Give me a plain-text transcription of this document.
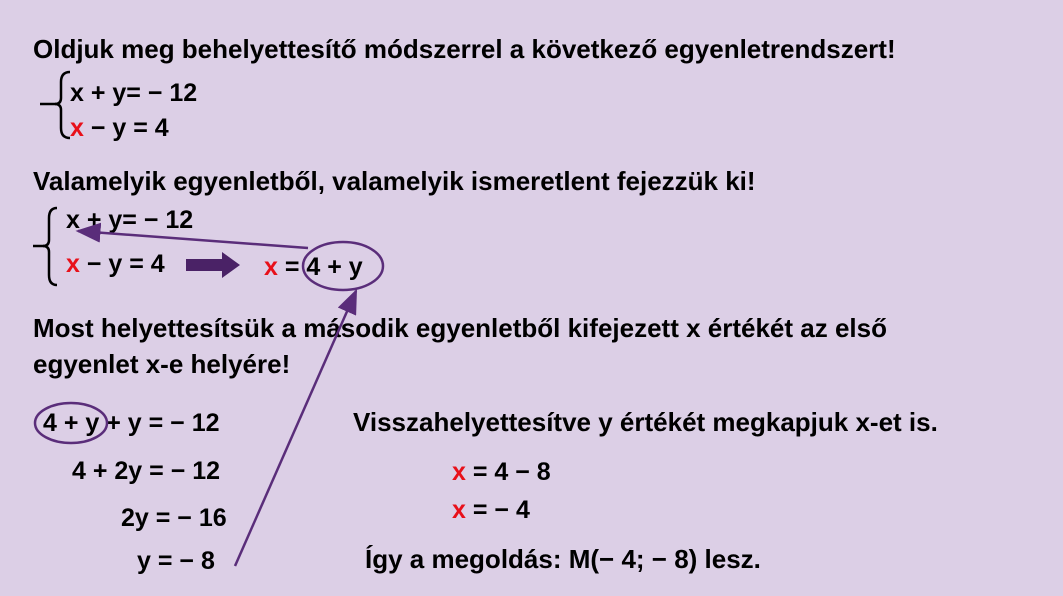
Oldjuk meg behelyettesítő módszerrel a következő egyenletrendszert!
x + y= − 12
x − y = 4
Valamelyik egyenletből, valamelyik ismeretlent fejezzük ki!
x + y= − 12
x − y = 4	x = 4 + y
Most helyettesítsük a második egyenletből kifejezett x értékét az első
egyenlet x-e helyére!
4 + y + y = − 12
4 + 2y = − 12
2y = − 16
y = − 8
Visszahelyettesítve y értékét megkapjuk x-et is.
x = 4 − 8
x = − 4
Így a megoldás: M(− 4; − 8) lesz.
